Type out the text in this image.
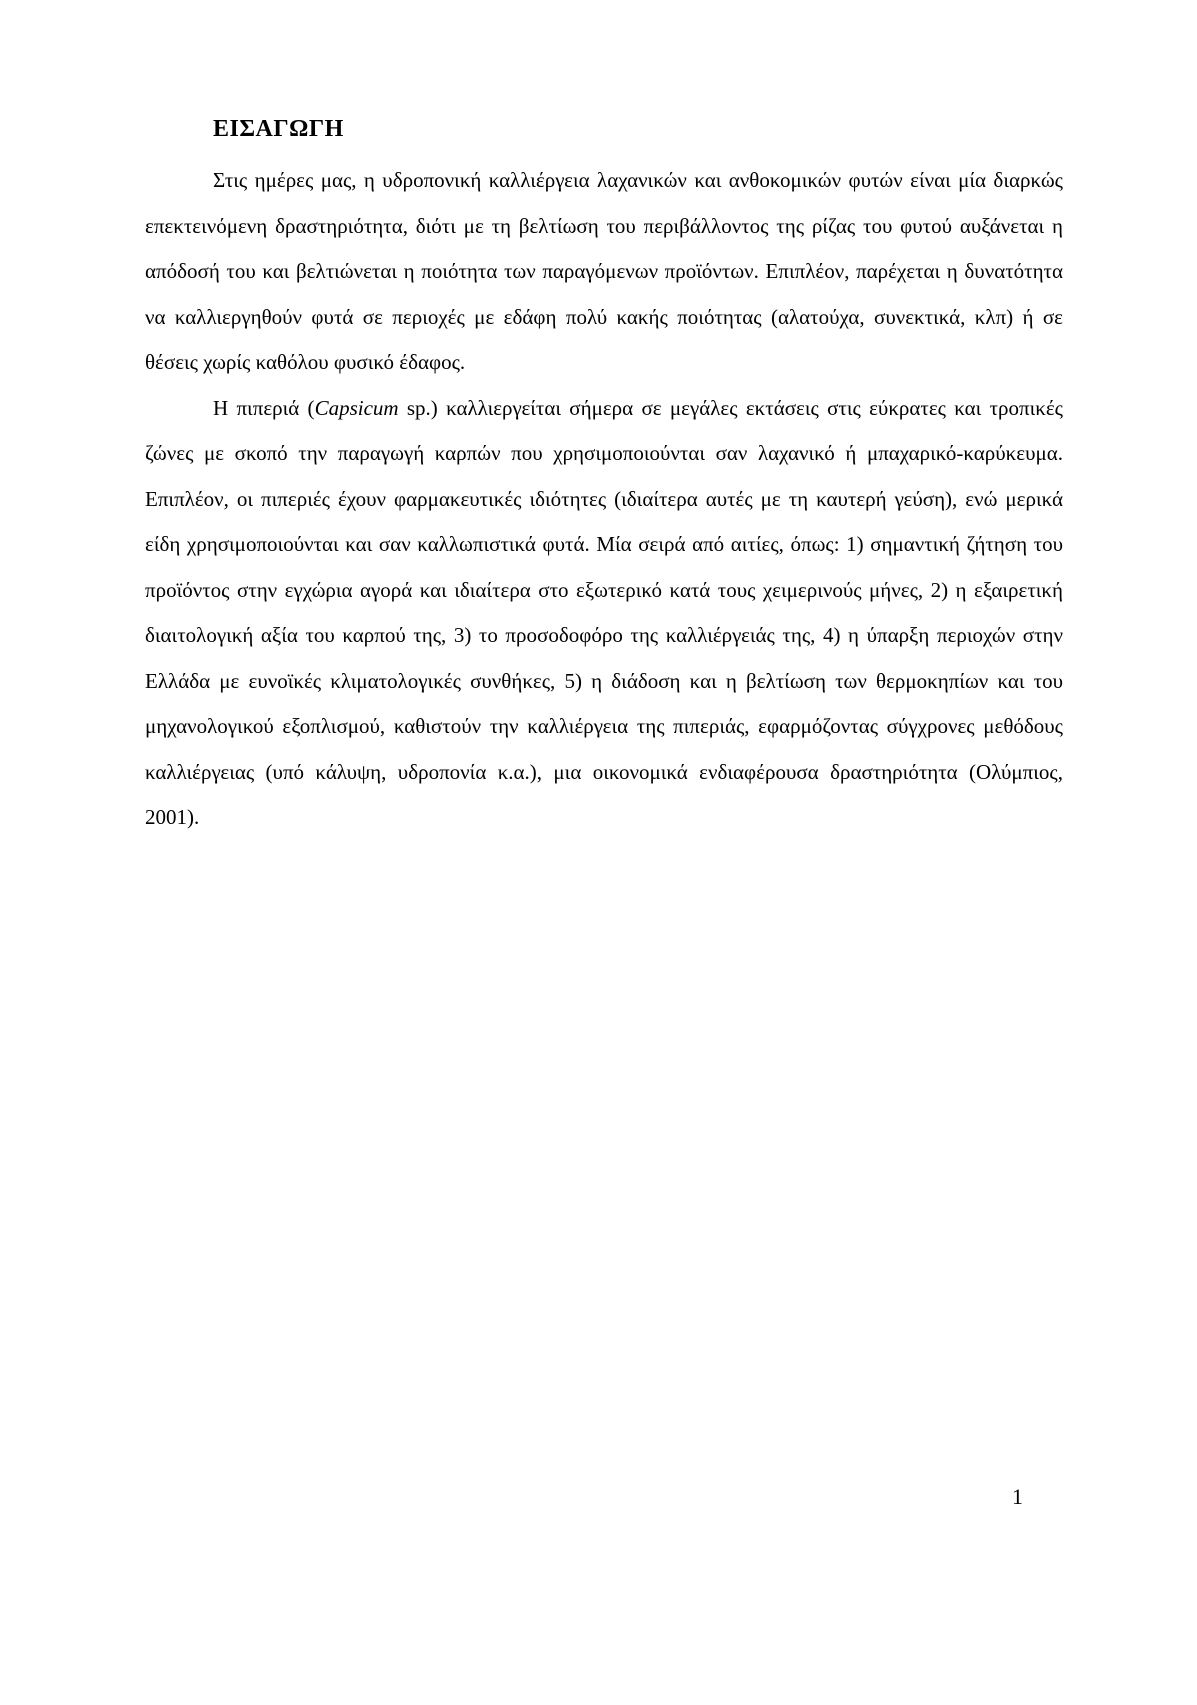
ΕΙΣΑΓΩΓΗ

Στις ημέρες μας, η υδροπονική καλλιέργεια λαχανικών και ανθοκομικών φυτών είναι μία διαρκώς επεκτεινόμενη δραστηριότητα, διότι με τη βελτίωση του περιβάλλοντος της ρίζας του φυτού αυξάνεται η απόδοσή του και βελτιώνεται η ποιότητα των παραγόμενων προϊόντων. Επιπλέον, παρέχεται η δυνατότητα να καλλιεργηθούν φυτά σε περιοχές με εδάφη πολύ κακής ποιότητας (αλατούχα, συνεκτικά, κλπ) ή σε θέσεις χωρίς καθόλου φυσικό έδαφος.

Η πιπεριά (Capsicum sp.) καλλιεργείται σήμερα σε μεγάλες εκτάσεις στις εύκρατες και τροπικές ζώνες με σκοπό την παραγωγή καρπών που χρησιμοποιούνται σαν λαχανικό ή μπαχαρικό-καρύκευμα. Επιπλέον, οι πιπεριές έχουν φαρμακευτικές ιδιότητες (ιδιαίτερα αυτές με τη καυτερή γεύση), ενώ μερικά είδη χρησιμοποιούνται και σαν καλλωπιστικά φυτά. Μία σειρά από αιτίες, όπως: 1) σημαντική ζήτηση του προϊόντος στην εγχώρια αγορά και ιδιαίτερα στο εξωτερικό κατά τους χειμερινούς μήνες, 2) η εξαιρετική διαιτολογική αξία του καρπού της, 3) το προσοδοφόρο της καλλιέργειάς της, 4) η ύπαρξη περιοχών στην Ελλάδα με ευνοϊκές κλιματολογικές συνθήκες, 5) η διάδοση και η βελτίωση των θερμοκηπίων και του μηχανολογικού εξοπλισμού, καθιστούν την καλλιέργεια της πιπεριάς, εφαρμόζοντας σύγχρονες μεθόδους καλλιέργειας (υπό κάλυψη, υδροπονία κ.α.), μια οικονομικά ενδιαφέρουσα δραστηριότητα (Ολύμπιος, 2001).

1
